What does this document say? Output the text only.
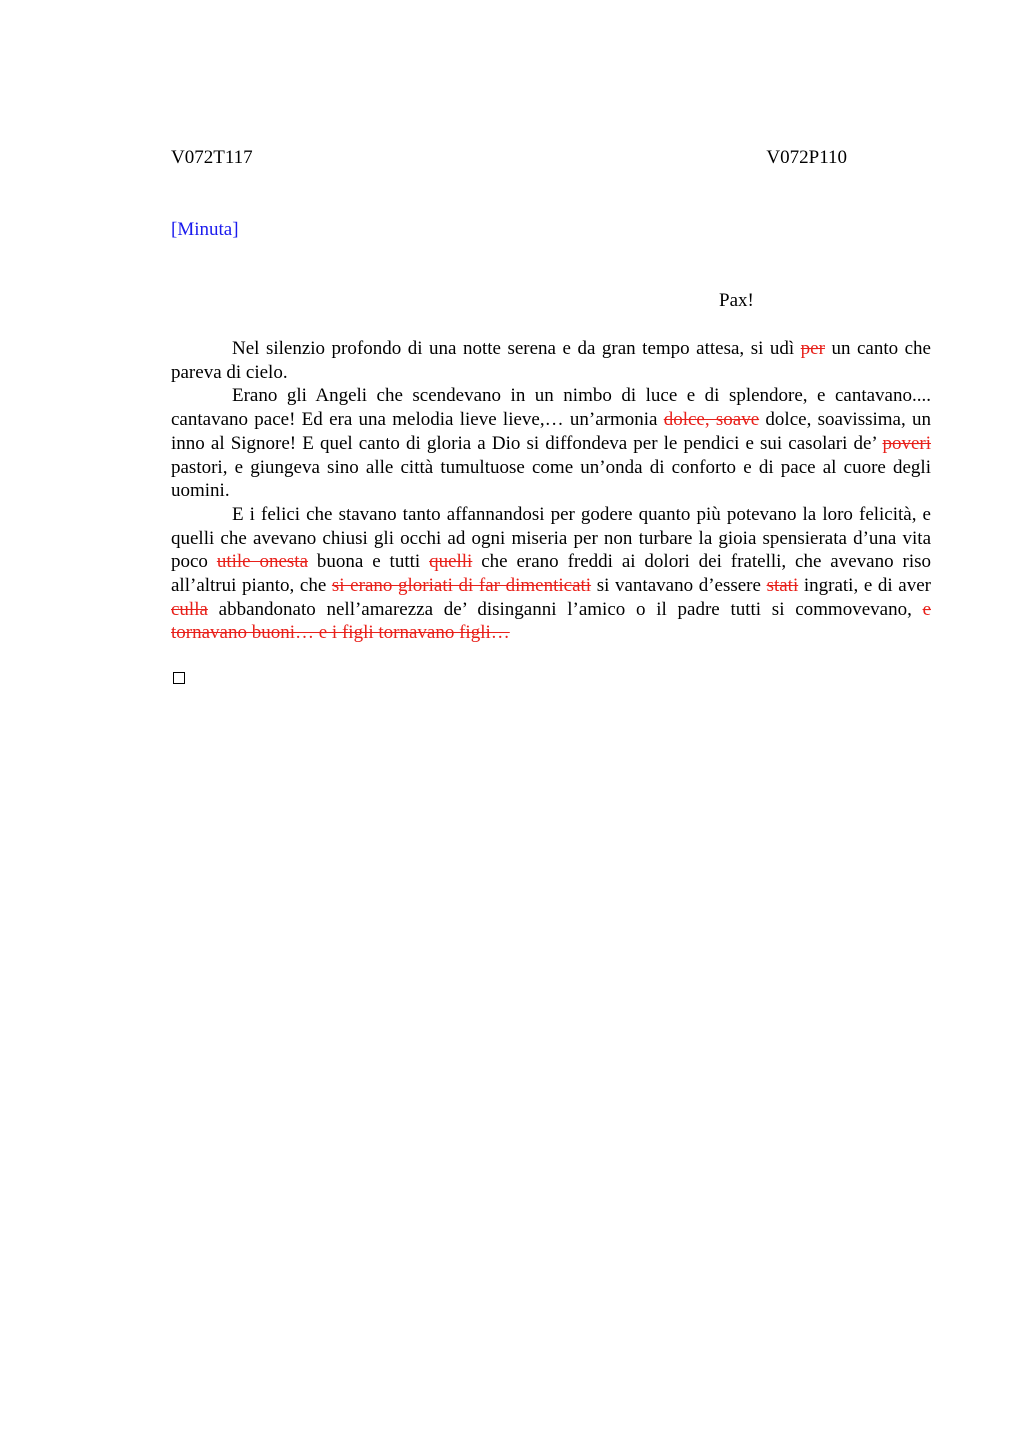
V072T117	V072P110
[Minuta]
Pax!

Nel silenzio profondo di una notte serena e da gran tempo attesa, si udì per un canto che pareva di cielo.

Erano gli Angeli che scendevano in un nimbo di luce e di splendore, e cantavano.... cantavano pace! Ed era una melodia lieve lieve,… un’armonia dolce, soave dolce, soavissima, un inno al Signore! E quel canto di gloria a Dio si diffondeva per le pendici e sui casolari de’ poveri pastori, e giungeva sino alle città tumultuose come un’onda di conforto e di pace al cuore degli uomini.

E i felici che stavano tanto affannandosi per godere quanto più potevano la loro felicità, e quelli che avevano chiusi gli occhi ad ogni miseria per non turbare la gioia spensierata d’una vita poco utile onesta buona e tutti quelli che erano freddi ai dolori dei fratelli, che avevano riso all’altrui pianto, che si erano gloriati di far dimenticati si vantavano d’essere stati ingrati, e di aver culla abbandonato nell’amarezza de’ disinganni l’amico o il padre tutti si commovevano, e tornavano buoni… e i figli tornavano figli…
